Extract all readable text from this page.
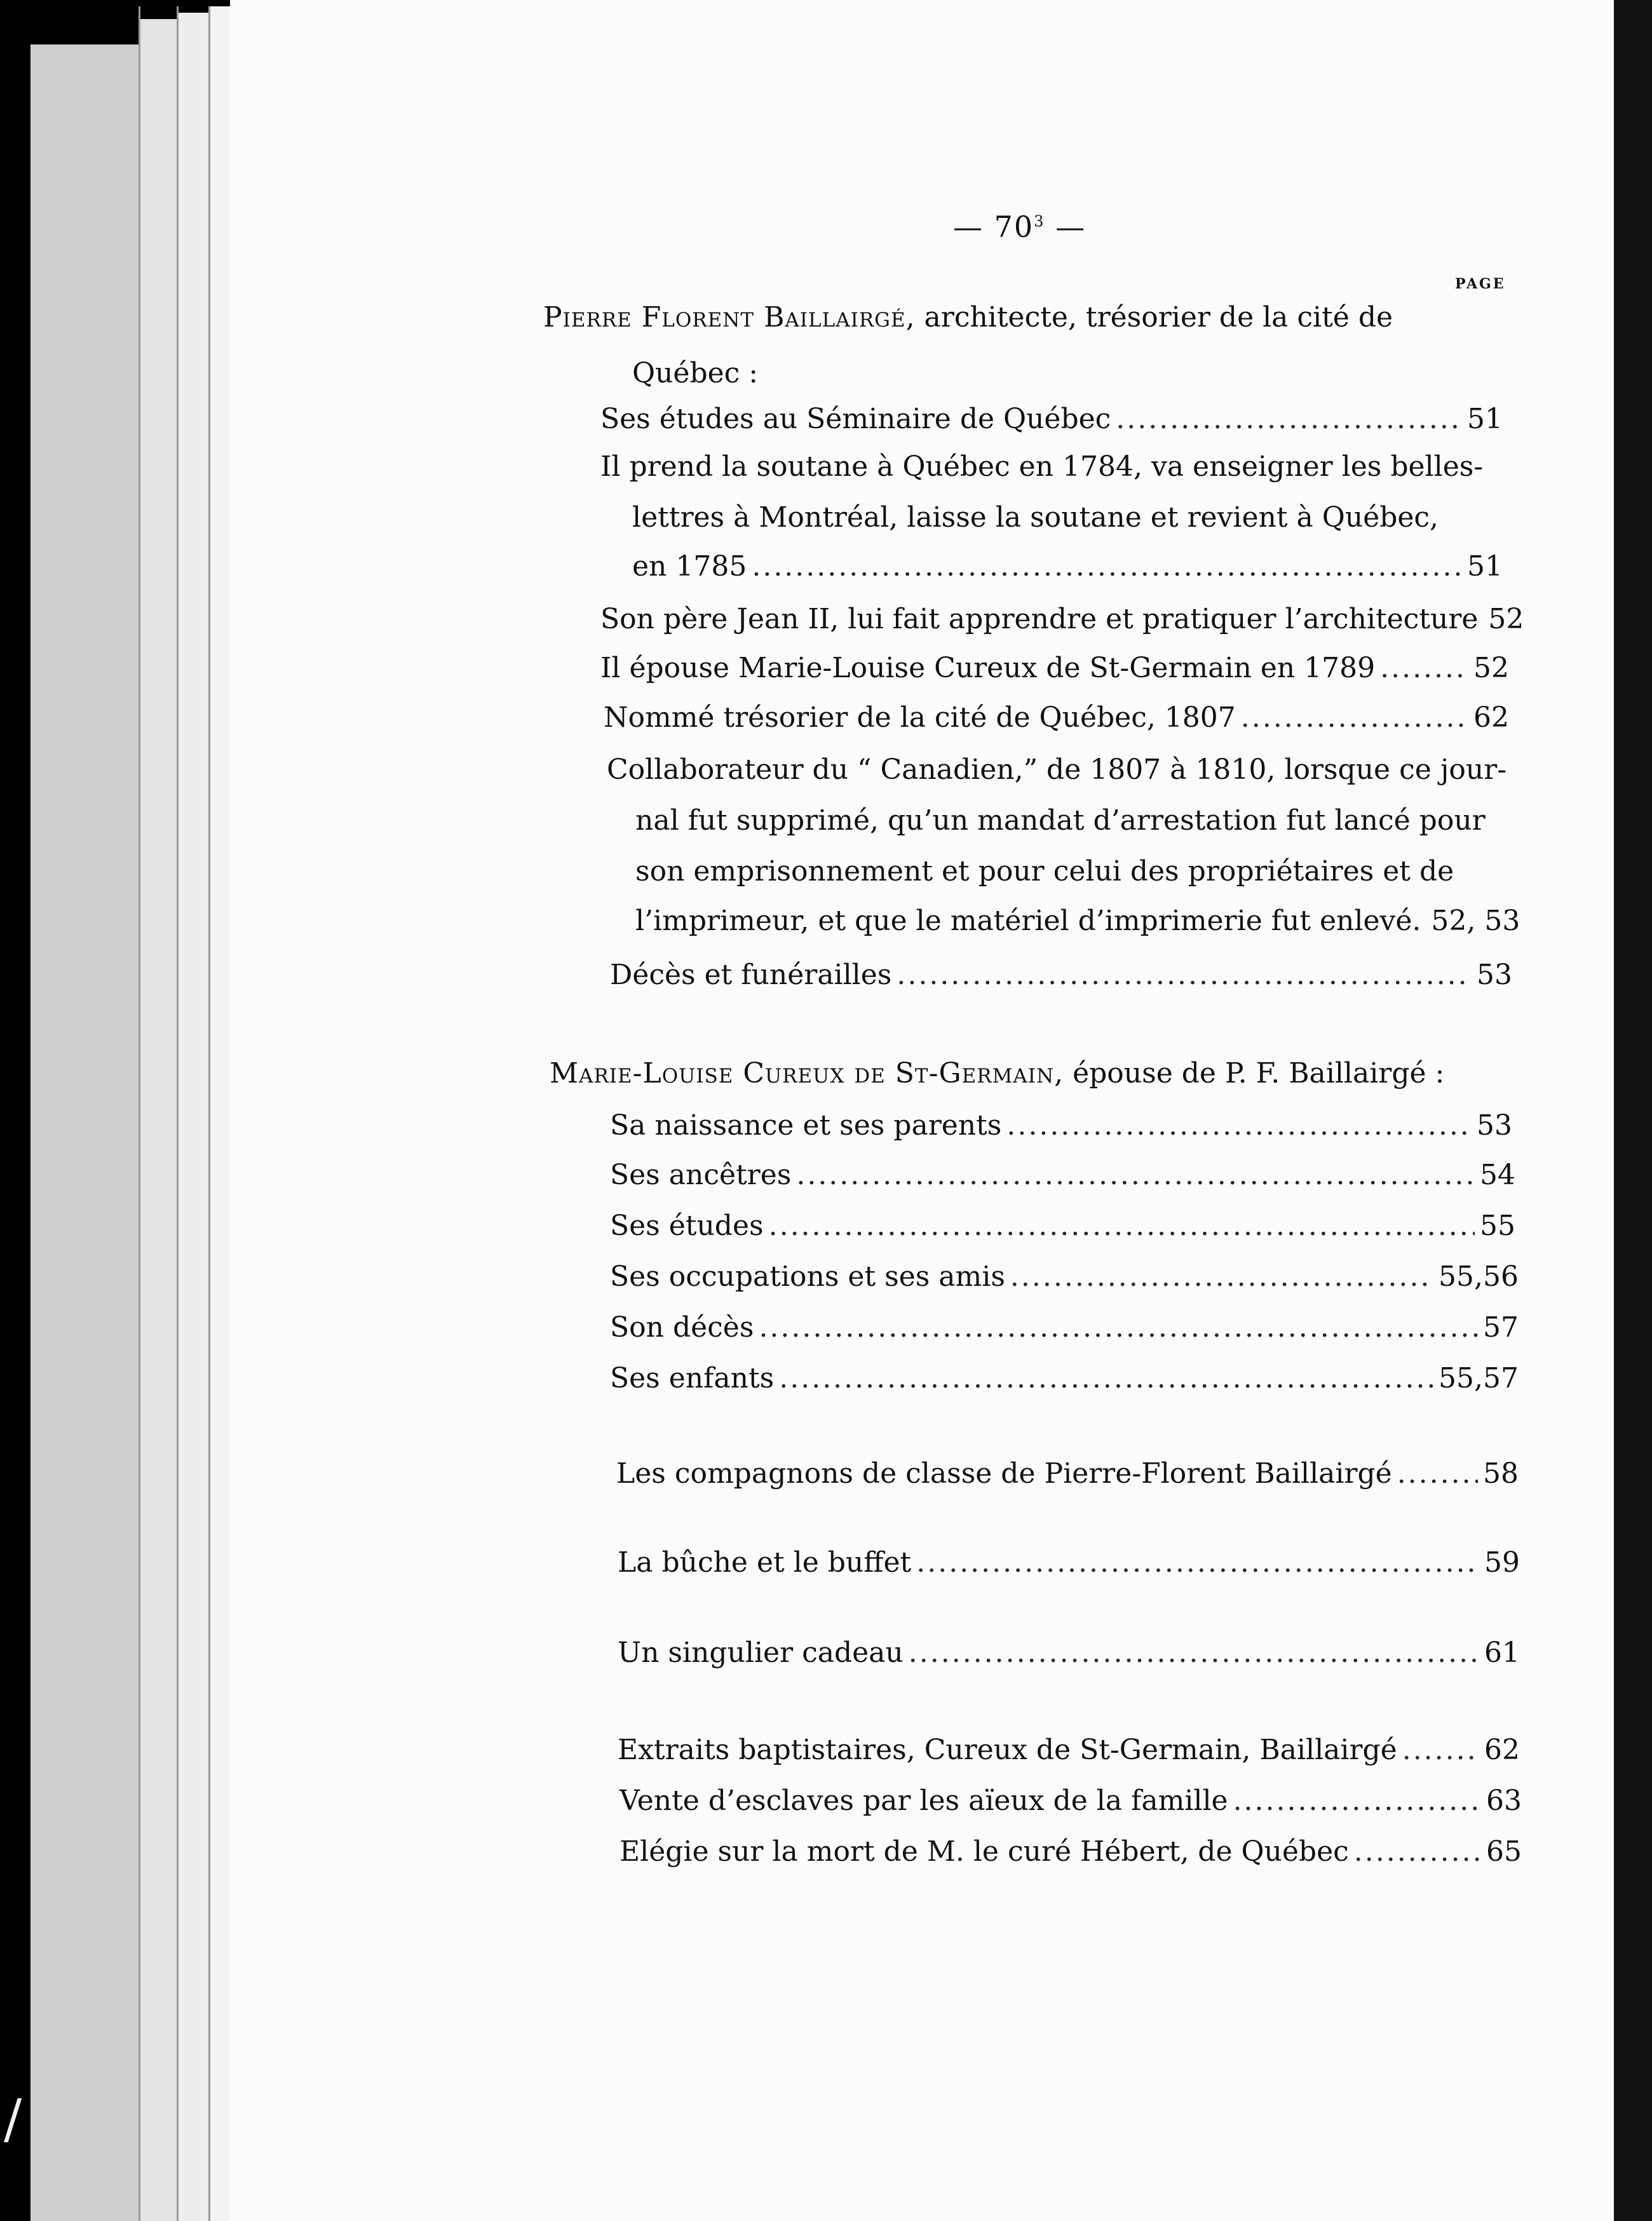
/
— $70^3$ —
PAGE
Pierre Florent Baillairgé, architecte, trésorier de la cité de
Québec :
Ses études au Séminaire de Québec .....	51
Il prend la soutane à Québec en 1784, va enseigner les belles-
lettres à Montréal, laisse la soutane et revient à Québec,
en 1785 .....	51
Son père Jean II, lui fait apprendre et pratiquer l’architecture 52
Il épouse Marie-Louise Cureux de St-Germain en 1789 .....	52
Nommé trésorier de la cité de Québec, 1807 .....	62
Collaborateur du “ Canadien,” de 1807 à 1810, lorsque ce jour-
nal fut supprimé, qu’un mandat d’arrestation fut lancé pour
son emprisonnement et pour celui des propriétaires et de
l’imprimeur, et que le matériel d’imprimerie fut enlevé. 52, 53
Décès et funérailles .....	53
Marie-Louise Cureux de St-Germain, épouse de P. F. Baillairgé :
Sa naissance et ses parents .....	53
Ses ancêtres .....	54
Ses études .....	55
Ses occupations et ses amis .....	55,56
Son décès .....	57
Ses enfants .....	55,57
Les compagnons de classe de Pierre-Florent Baillairgé .....	58
La bûche et le buffet .....	59
Un singulier cadeau .....	61
Extraits baptistaires, Cureux de St-Germain, Baillairgé .....	62
Vente d’esclaves par les aïeux de la famille .....	63
Elégie sur la mort de M. le curé Hébert, de Québec .....	65
